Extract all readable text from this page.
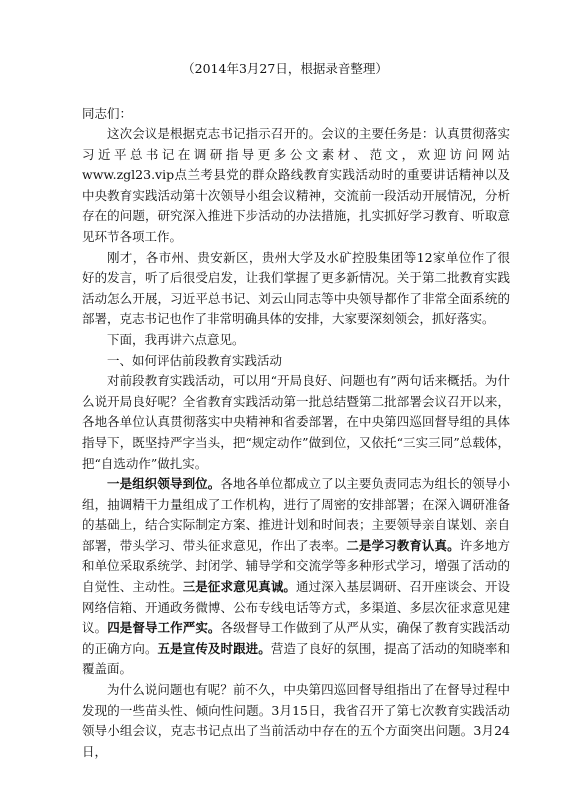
（2014年3月27日，根据录音整理）

同志们：

这次会议是根据克志书记指示召开的。会议的主要任务是：认真贯彻落实习近平总书记在调研指导更多公文素材、范文，欢迎访问网站www.zgl23.vip点兰考县党的群众路线教育实践活动时的重要讲话精神以及中央教育实践活动第十次领导小组会议精神，交流前一段活动开展情况，分析存在的问题，研究深入推进下步活动的办法措施，扎实抓好学习教育、听取意见环节各项工作。

刚才，各市州、贵安新区，贵州大学及水矿控股集团等12家单位作了很好的发言，听了后很受启发，让我们掌握了更多新情况。关于第二批教育实践活动怎么开展，习近平总书记、刘云山同志等中央领导都作了非常全面系统的部署，克志书记也作了非常明确具体的安排，大家要深刻领会，抓好落实。

下面，我再讲六点意见。

一、如何评估前段教育实践活动

对前段教育实践活动，可以用“开局良好、问题也有”两句话来概括。为什么说开局良好呢？全省教育实践活动第一批总结暨第二批部署会议召开以来，各地各单位认真贯彻落实中央精神和省委部署，在中央第四巡回督导组的具体指导下，既坚持严字当头，把“规定动作”做到位，又依托“三实三同”总载体，把“自选动作”做扎实。

一是组织领导到位。各地各单位都成立了以主要负责同志为组长的领导小组，抽调精干力量组成了工作机构，进行了周密的安排部署；在深入调研准备的基础上，结合实际制定方案、推进计划和时间表；主要领导亲自谋划、亲自部署，带头学习、带头征求意见，作出了表率。二是学习教育认真。许多地方和单位采取系统学、封闭学、辅导学和交流学等多种形式学习，增强了活动的自觉性、主动性。三是征求意见真诚。通过深入基层调研、召开座谈会、开设网络信箱、开通政务微博、公布专线电话等方式，多渠道、多层次征求意见建议。四是督导工作严实。各级督导工作做到了从严从实，确保了教育实践活动的正确方向。五是宣传及时跟进。营造了良好的氛围，提高了活动的知晓率和覆盖面。

为什么说问题也有呢？前不久，中央第四巡回督导组指出了在督导过程中发现的一些苗头性、倾向性问题。3月15日，我省召开了第七次教育实践活动领导小组会议，克志书记点出了当前活动中存在的五个方面突出问题。3月24日，
